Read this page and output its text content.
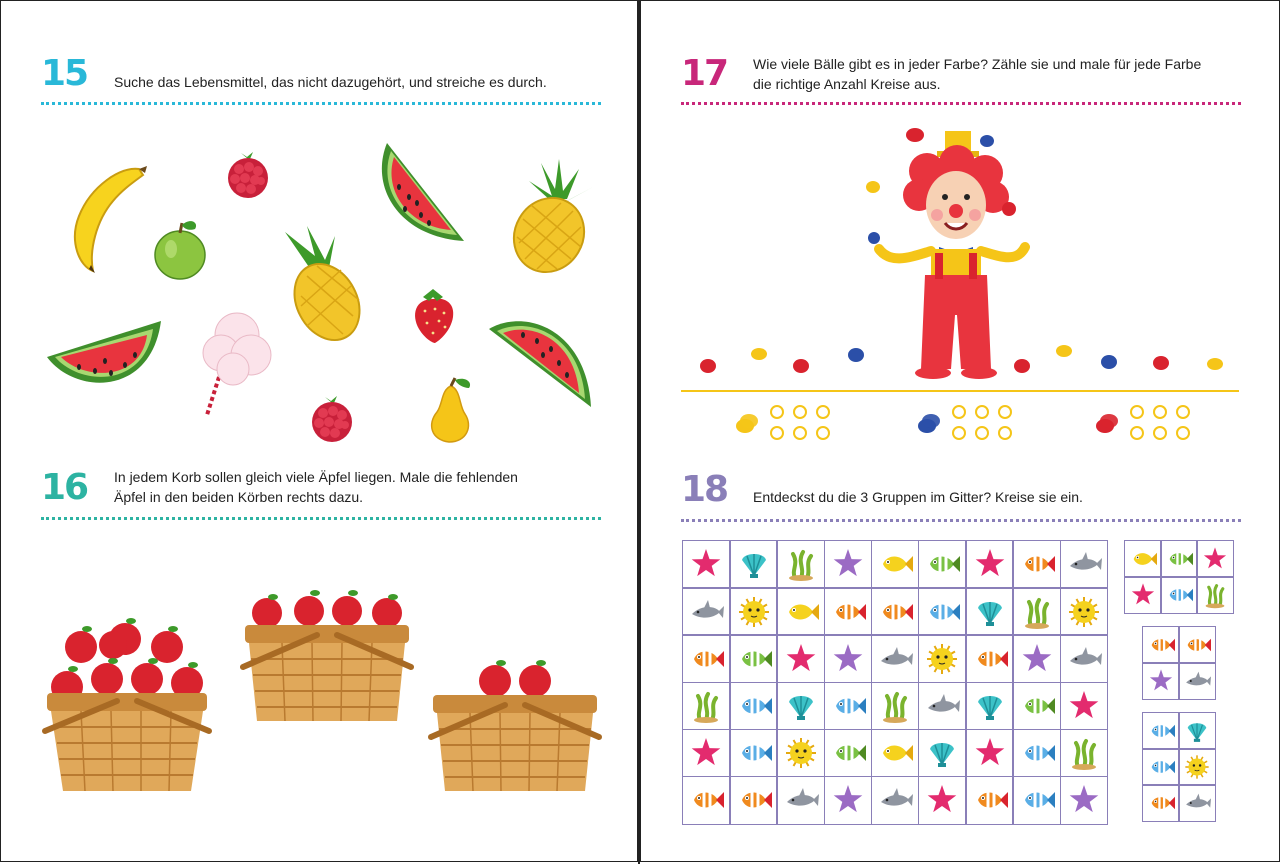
15 Suche das Lebensmittel, das nicht dazugehört, und streiche es durch.
16 In jedem Korb sollen gleich viele Äpfel liegen. Male die fehlenden
Äpfel in den beiden Körben rechts dazu.
17 Wie viele Bälle gibt es in jeder Farbe? Zähle sie und male für jede Farbe
die richtige Anzahl Kreise aus.
18 Entdeckst du die 3 Gruppen im Gitter? Kreise sie ein.
